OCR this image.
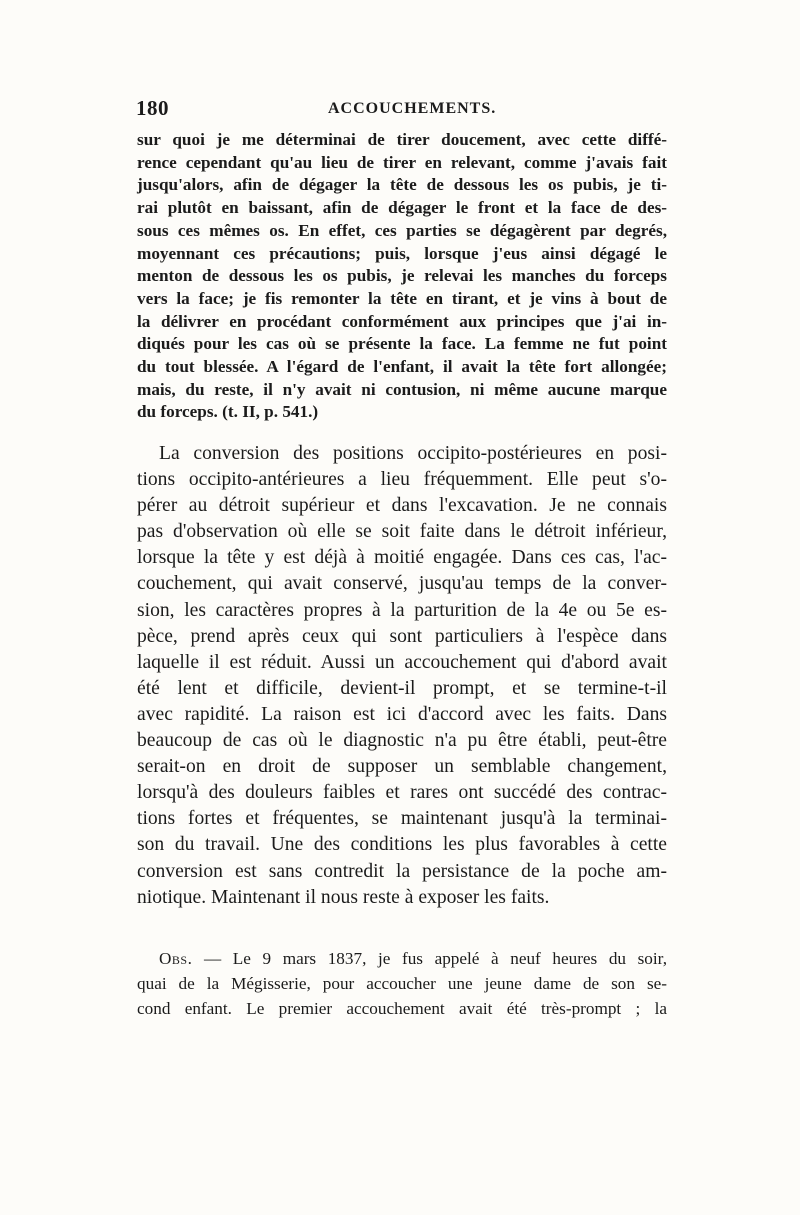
180	ACCOUCHEMENTS.
sur quoi je me déterminai de tirer doucement, avec cette diffé-
rence cependant qu'au lieu de tirer en relevant, comme j'avais fait
jusqu'alors, afin de dégager la tête de dessous les os pubis, je ti-
rai plutôt en baissant, afin de dégager le front et la face de des-
sous ces mêmes os. En effet, ces parties se dégagèrent par degrés,
moyennant ces précautions; puis, lorsque j'eus ainsi dégagé le
menton de dessous les os pubis, je relevai les manches du forceps
vers la face; je fis remonter la tête en tirant, et je vins à bout de
la délivrer en procédant conformément aux principes que j'ai in-
diqués pour les cas où se présente la face. La femme ne fut point
du tout blessée. A l'égard de l'enfant, il avait la tête fort allongée;
mais, du reste, il n'y avait ni contusion, ni même aucune marque
du forceps. (t. II, p. 541.)
La conversion des positions occipito-postérieures en posi-
tions occipito-antérieures a lieu fréquemment. Elle peut s'o-
pérer au détroit supérieur et dans l'excavation. Je ne connais
pas d'observation où elle se soit faite dans le détroit inférieur,
lorsque la tête y est déjà à moitié engagée. Dans ces cas, l'ac-
couchement, qui avait conservé, jusqu'au temps de la conver-
sion, les caractères propres à la parturition de la 4e ou 5e es-
pèce, prend après ceux qui sont particuliers à l'espèce dans
laquelle il est réduit. Aussi un accouchement qui d'abord avait
été lent et difficile, devient-il prompt, et se termine-t-il
avec rapidité. La raison est ici d'accord avec les faits. Dans
beaucoup de cas où le diagnostic n'a pu être établi, peut-être
serait-on en droit de supposer un semblable changement,
lorsqu'à des douleurs faibles et rares ont succédé des contrac-
tions fortes et fréquentes, se maintenant jusqu'à la terminai-
son du travail. Une des conditions les plus favorables à cette
conversion est sans contredit la persistance de la poche am-
niotique. Maintenant il nous reste à exposer les faits.
Obs. — Le 9 mars 1837, je fus appelé à neuf heures du soir,
quai de la Mégisserie, pour accoucher une jeune dame de son se-
cond enfant. Le premier accouchement avait été très-prompt ; la
